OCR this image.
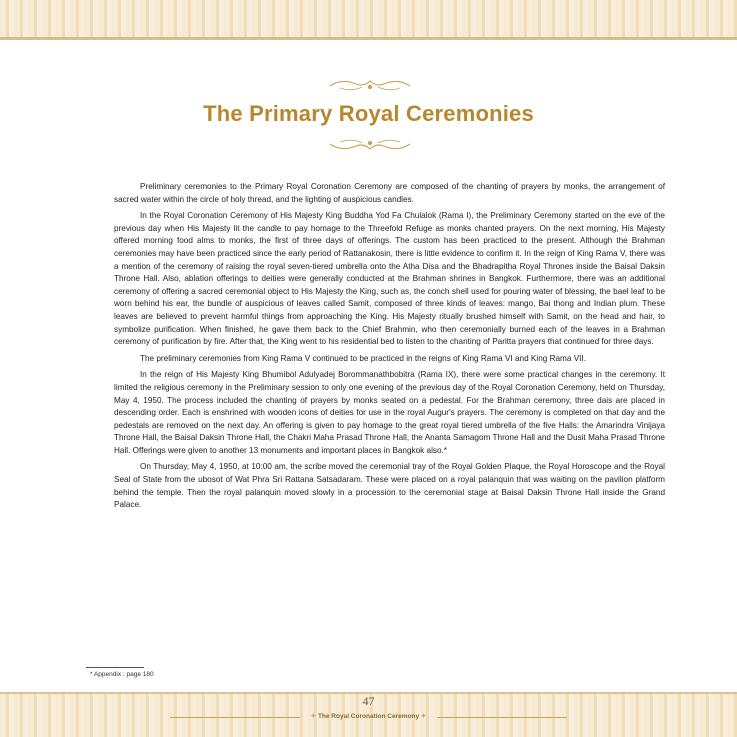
The Primary Royal Ceremonies

Preliminary ceremonies to the Primary Royal Coronation Ceremony are composed of the chanting of prayers by monks, the arrangement of sacred water within the circle of holy thread, and the lighting of auspicious candles.

In the Royal Coronation Ceremony of His Majesty King Buddha Yod Fa Chulalok (Rama I), the Preliminary Ceremony started on the eve of the previous day when His Majesty lit the candle to pay homage to the Threefold Refuge as monks chanted prayers. On the next morning, His Majesty offered morning food alms to monks, the first of three days of offerings. The custom has been practiced to the present. Although the Brahman ceremonies may have been practiced since the early period of Rattanakosin, there is little evidence to confirm it. In the reign of King Rama V, there was a mention of the ceremony of raising the royal seven-tiered umbrella onto the Atha Disa and the Bhadrapitha Royal Thrones inside the Baisal Daksin Throne Hall. Also, ablation offerings to deities were generally conducted at the Brahman shrines in Bangkok. Furthermore, there was an additional ceremony of offering a sacred ceremonial object to His Majesty the King, such as, the conch shell used for pouring water of blessing, the bael leaf to be worn behind his ear, the bundle of auspicious of leaves called Samit, composed of three kinds of leaves: mango, Bai thong and Indian plum. These leaves are believed to prevent harmful things from approaching the King. His Majesty ritually brushed himself with Samit, on the head and hair, to symbolize purification. When finished, he gave them back to the Chief Brahmin, who then ceremonially burned each of the leaves in a Brahman ceremony of purification by fire. After that, the King went to his residential bed to listen to the chanting of Paritta prayers that continued for three days.

The preliminary ceremonies from King Rama V continued to be practiced in the reigns of King Rama VI and King Rama VII.

In the reign of His Majesty King Bhumibol Adulyadej Borommanathbobitra (Rama IX), there were some practical changes in the ceremony. It limited the religious ceremony in the Preliminary session to only one evening of the previous day of the Royal Coronation Ceremony, held on Thursday, May 4, 1950. The process included the chanting of prayers by monks seated on a pedestal. For the Brahman ceremony, three dais are placed in descending order. Each is enshrined with wooden icons of deities for use in the royal Augur's prayers. The ceremony is completed on that day and the pedestals are removed on the next day. An offering is given to pay homage to the great royal tiered umbrella of the five Halls: the Amarindra Vinijaya Throne Hall, the Baisal Daksin Throne Hall, the Chakri Maha Prasad Throne Hall, the Ananta Samagom Throne Hall and the Dusit Maha Prasad Throne Hall. Offerings were given to another 13 monuments and important places in Bangkok also.*

On Thursday, May 4, 1950, at 10:00 am, the scribe moved the ceremonial tray of the Royal Golden Plaque, the Royal Horoscope and the Royal Seal of State from the ubosot of Wat Phra Sri Rattana Satsadaram. These were placed on a royal palanquin that was waiting on the pavilion platform behind the temple. Then the royal palanquin moved slowly in a procession to the ceremonial stage at Baisal Daksin Throne Hall inside the Grand Palace.

* Appendix : page 180
47
✦ The Royal Coronation Ceremony ✦
